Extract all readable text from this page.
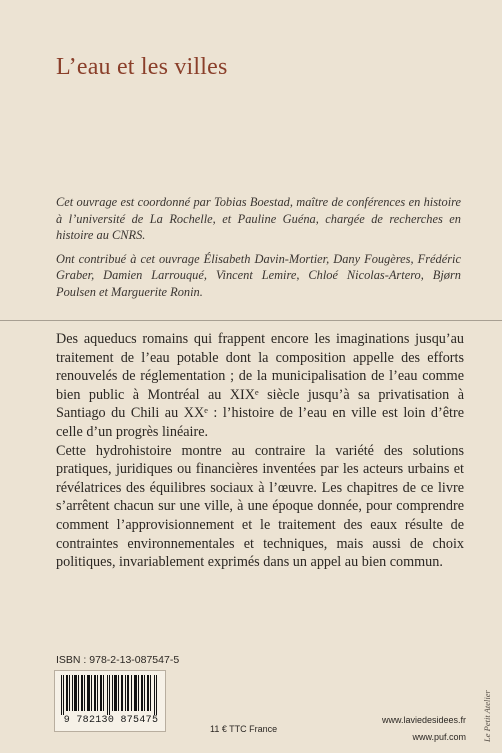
L’eau et les villes

Cet ouvrage est coordonné par Tobias Boestad, maître de conférences en histoire à l’université de La Rochelle, et Pauline Guéna, chargée de recherches en histoire au CNRS.

Ont contribué à cet ouvrage Élisabeth Davin-Mortier, Dany Fougères, Frédéric Graber, Damien Larrouqué, Vincent Lemire, Chloé Nicolas-Artero, Bjørn Poulsen et Marguerite Ronin.

Des aqueducs romains qui frappent encore les imaginations jusqu’au traitement de l’eau potable dont la composition appelle des efforts renouvelés de réglementation ; de la municipalisation de l’eau comme bien public à Montréal au XIXᵉ siècle jusqu’à sa privatisation à Santiago du Chili au XXᵉ : l’histoire de l’eau en ville est loin d’être celle d’un progrès linéaire.

Cette hydrohistoire montre au contraire la variété des solutions pratiques, juridiques ou financières inventées par les acteurs urbains et révélatrices des équilibres sociaux à l’œuvre. Les chapitres de ce livre s’arrêtent chacun sur une ville, à une époque donnée, pour comprendre comment l’approvisionnement et le traitement des eaux résulte de contraintes environnementales et techniques, mais aussi de choix politiques, invariablement exprimés dans un appel au bien commun.

ISBN : 978-2-13-087547-5
9 782130 875475
11 € TTC France
www.laviedesidees.fr
www.puf.com Le Petit Atelier
